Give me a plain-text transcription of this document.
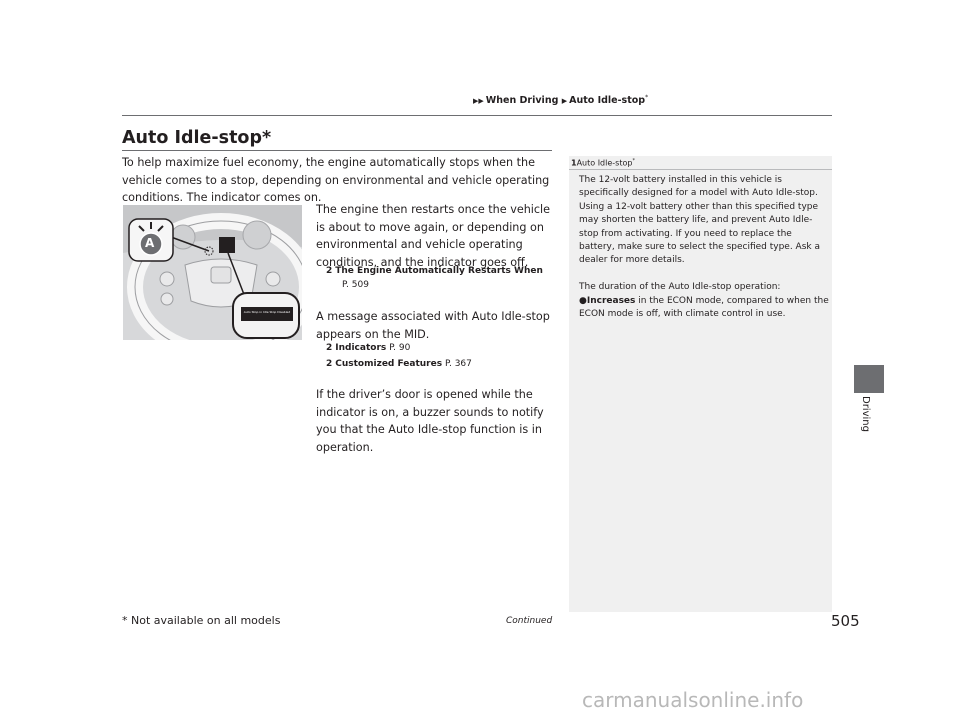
▶▶ When Driving ▶ Auto Idle-stop*
Driving
Auto Idle-stop*
To help maximize fuel economy, the engine automatically stops when the vehicle comes to a stop, depending on environmental and vehicle operating conditions. The indicator comes on.
A
Auto Stop in Idle Stop Disabled
The engine then restarts once the vehicle is about to move again, or depending on environmental and vehicle operating conditions, and the indicator goes off.
2 The Engine Automatically Restarts When
P. 509
A message associated with Auto Idle-stop appears on the MID.
2 Indicators P. 90
2 Customized Features P. 367
If the driver’s door is opened while the indicator is on, a buzzer sounds to notify you that the Auto Idle-stop function is in operation.
1Auto Idle-stop*
The 12-volt battery installed in this vehicle is specifically designed for a model with Auto Idle-stop. Using a 12-volt battery other than this specified type may shorten the battery life, and prevent Auto Idle-stop from activating. If you need to replace the battery, make sure to select the specified type. Ask a dealer for more details.
The duration of the Auto Idle-stop operation:
●Increases in the ECON mode, compared to when the ECON mode is off, with climate control in use.
* Not available on all models	Continued	505
carmanualsonline.info
